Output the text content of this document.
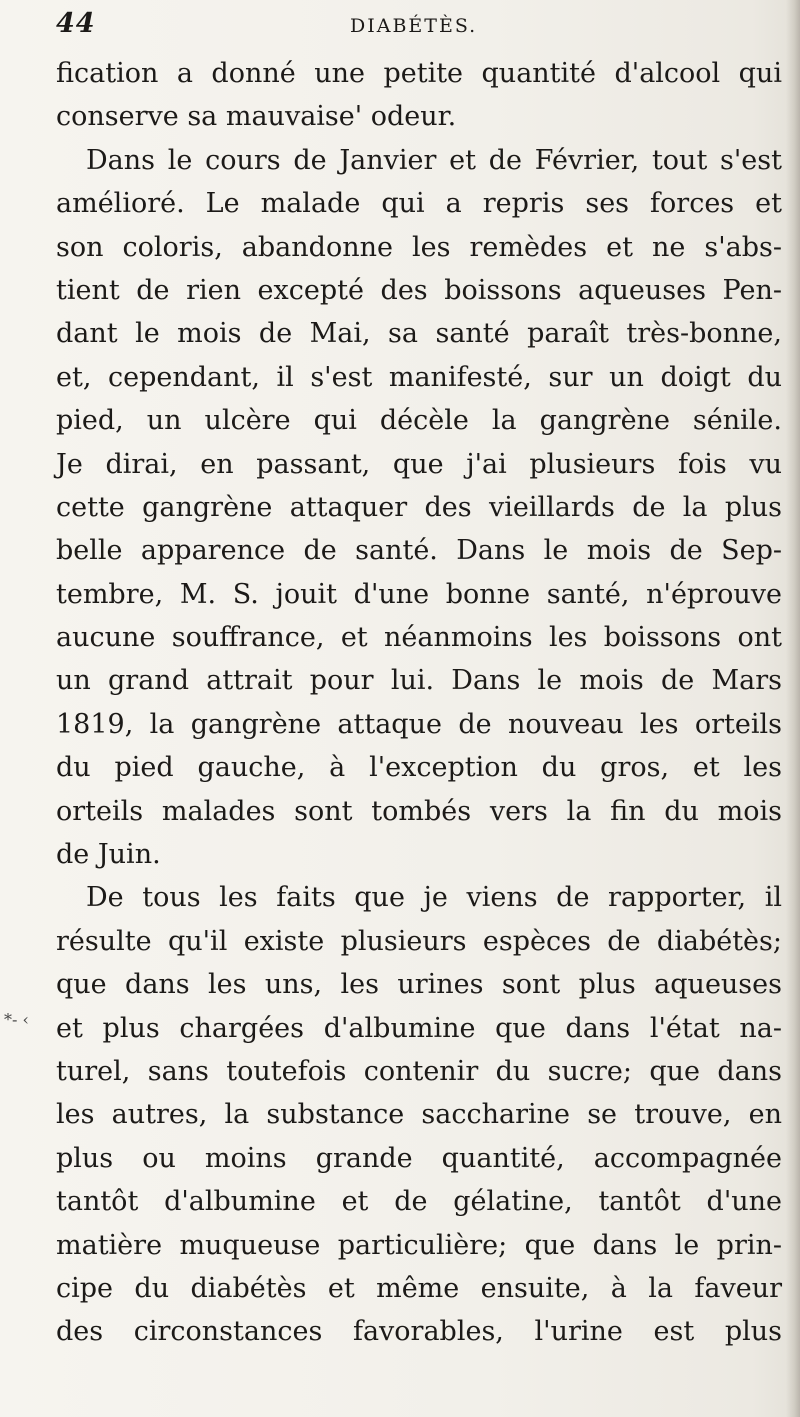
44	DIABÉTÈS.
*- ‹
fication a donné une petite quantité d'alcool qui
conserve sa mauvaise' odeur.
Dans le cours de Janvier et de Février, tout s'est
amélioré. Le malade qui a repris ses forces et
son coloris, abandonne les remèdes et ne s'abs-
tient de rien excepté des boissons aqueuses Pen-
dant le mois de Mai, sa santé paraît très-bonne,
et, cependant, il s'est manifesté, sur un doigt du
pied, un ulcère qui décèle la gangrène sénile.
Je dirai, en passant, que j'ai plusieurs fois vu
cette gangrène attaquer des vieillards de la plus
belle apparence de santé. Dans le mois de Sep-
tembre, M. S. jouit d'une bonne santé, n'éprouve
aucune souffrance, et néanmoins les boissons ont
un grand attrait pour lui. Dans le mois de Mars
1819, la gangrène attaque de nouveau les orteils
du pied gauche, à l'exception du gros, et les
orteils malades sont tombés vers la fin du mois
de Juin.
De tous les faits que je viens de rapporter, il
résulte qu'il existe plusieurs espèces de diabétès;
que dans les uns, les urines sont plus aqueuses
et plus chargées d'albumine que dans l'état na-
turel, sans toutefois contenir du sucre; que dans
les autres, la substance saccharine se trouve, en
plus ou moins grande quantité, accompagnée
tantôt d'albumine et de gélatine, tantôt d'une
matière muqueuse particulière; que dans le prin-
cipe du diabétès et même ensuite, à la faveur
des circonstances favorables, l'urine est plus
